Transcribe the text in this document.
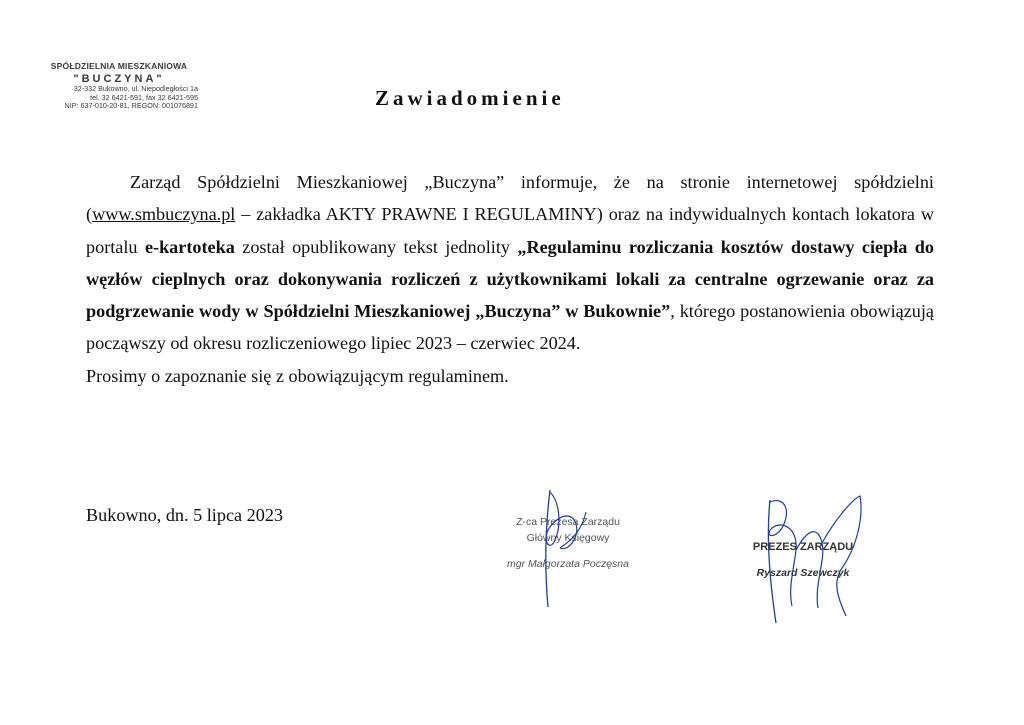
SPÓŁDZIELNIA MIESZKANIOWA
"BUCZYNA"
32-332 Bukowno, ul. Niepodległości 1a
tel. 32 6421-591, fax 32 6421-595
NIP: 637-010-20-81, REGON: 001076891	Zawiadomienie

Zarząd Spółdzielni Mieszkaniowej „Buczyna” informuje, że na stronie internetowej spółdzielni (www.smbuczyna.pl – zakładka AKTY PRAWNE I REGULAMINY) oraz na indywidualnych kontach lokatora w portalu e-kartoteka został opublikowany tekst jednolity „Regulaminu rozliczania kosztów dostawy ciepła do węzłów cieplnych oraz dokonywania rozliczeń z użytkownikami lokali za centralne ogrzewanie oraz za podgrzewanie wody w Spółdzielni Mieszkaniowej „Buczyna” w Bukownie”, którego postanowienia obowiązują począwszy od okresu rozliczeniowego lipiec 2023 – czerwiec 2024.

Prosimy o zapoznanie się z obowiązującym regulaminem.

Bukowno, dn. 5 lipca 2023	Z-ca Prezesa Zarządu
Główny Księgowy
mgr Małgorzata Poczęsna
PREZES ZARZĄDU
Ryszard Szewczyk
